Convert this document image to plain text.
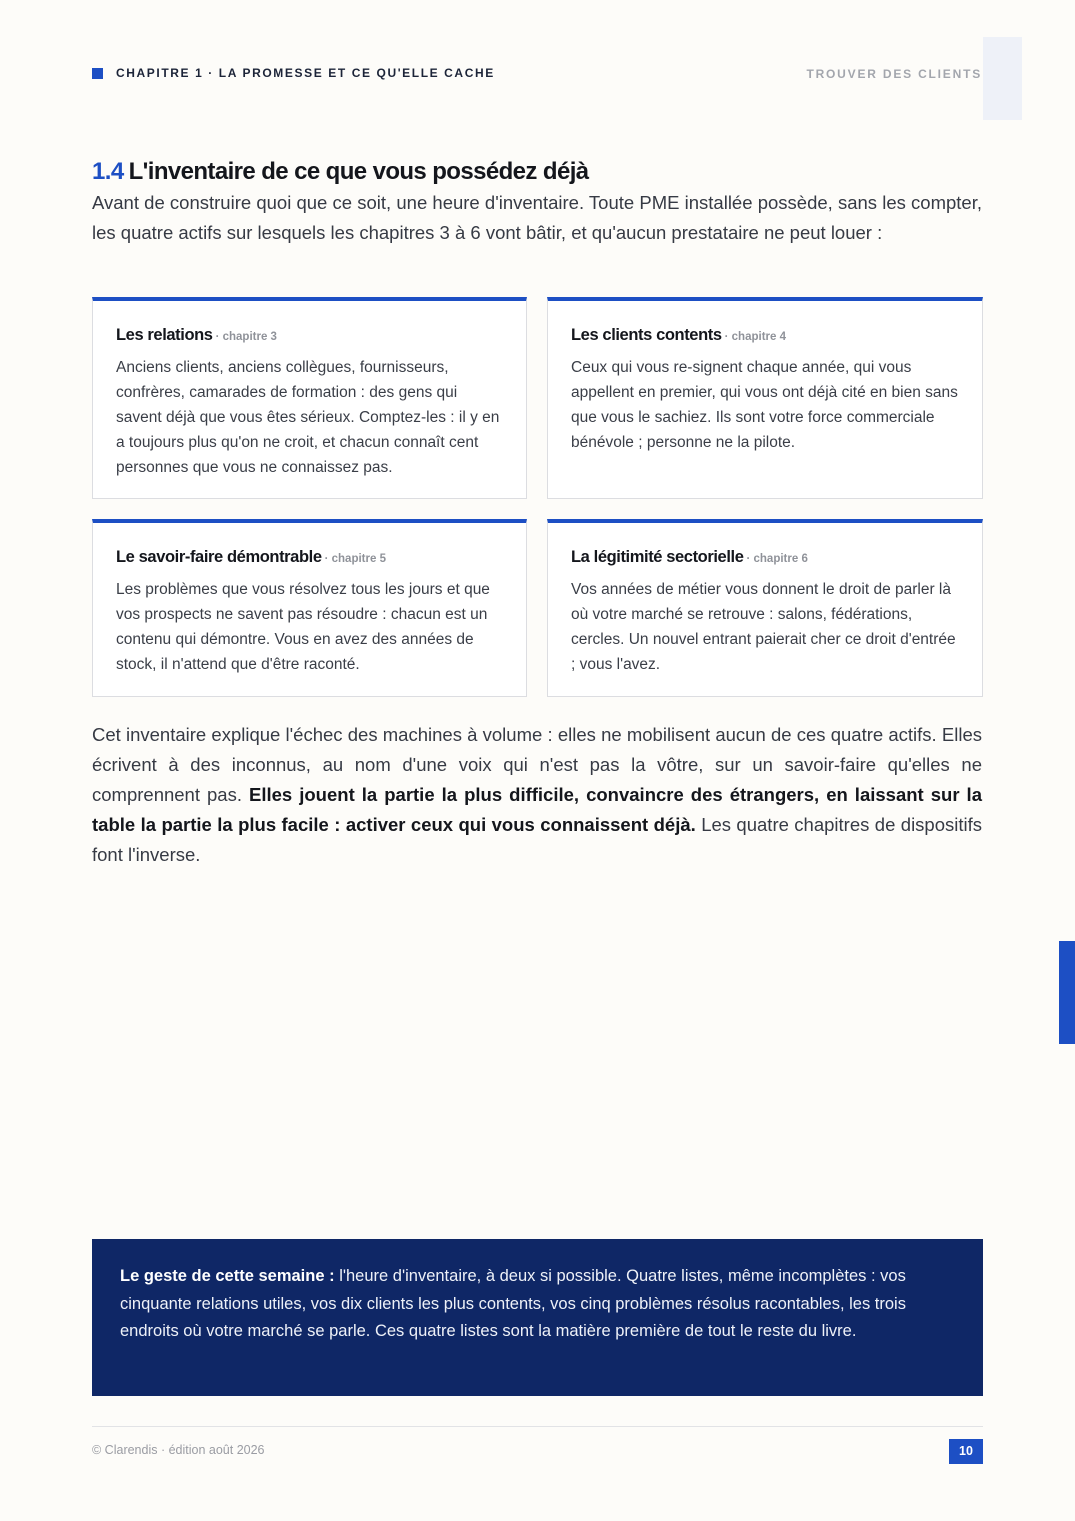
CHAPITRE 1 · LA PROMESSE ET CE QU'ELLE CACHE	TROUVER DES CLIENTS
1.4 L'inventaire de ce que vous possédez déjà

Avant de construire quoi que ce soit, une heure d'inventaire. Toute PME installée possède, sans les compter, les quatre actifs sur lesquels les chapitres 3 à 6 vont bâtir, et qu'aucun prestataire ne peut louer :

Les relations · chapitre 3

Anciens clients, anciens collègues, fournisseurs, confrères, camarades de formation : des gens qui savent déjà que vous êtes sérieux. Comptez-les : il y en a toujours plus qu'on ne croit, et chacun connaît cent personnes que vous ne connaissez pas.

Les clients contents · chapitre 4

Ceux qui vous re-signent chaque année, qui vous appellent en premier, qui vous ont déjà cité en bien sans que vous le sachiez. Ils sont votre force commerciale bénévole ; personne ne la pilote.

Le savoir-faire démontrable · chapitre 5

Les problèmes que vous résolvez tous les jours et que vos prospects ne savent pas résoudre : chacun est un contenu qui démontre. Vous en avez des années de stock, il n'attend que d'être raconté.

La légitimité sectorielle · chapitre 6

Vos années de métier vous donnent le droit de parler là où votre marché se retrouve : salons, fédérations, cercles. Un nouvel entrant paierait cher ce droit d'entrée ; vous l'avez.

Cet inventaire explique l'échec des machines à volume : elles ne mobilisent aucun de ces quatre actifs. Elles écrivent à des inconnus, au nom d'une voix qui n'est pas la vôtre, sur un savoir-faire qu'elles ne comprennent pas. Elles jouent la partie la plus difficile, convaincre des étrangers, en laissant sur la table la partie la plus facile : activer ceux qui vous connaissent déjà. Les quatre chapitres de dispositifs font l'inverse.

Le geste de cette semaine : l'heure d'inventaire, à deux si possible. Quatre listes, même incomplètes : vos cinquante relations utiles, vos dix clients les plus contents, vos cinq problèmes résolus racontables, les trois endroits où votre marché se parle. Ces quatre listes sont la matière première de tout le reste du livre.
© Clarendis · édition août 2026	10
